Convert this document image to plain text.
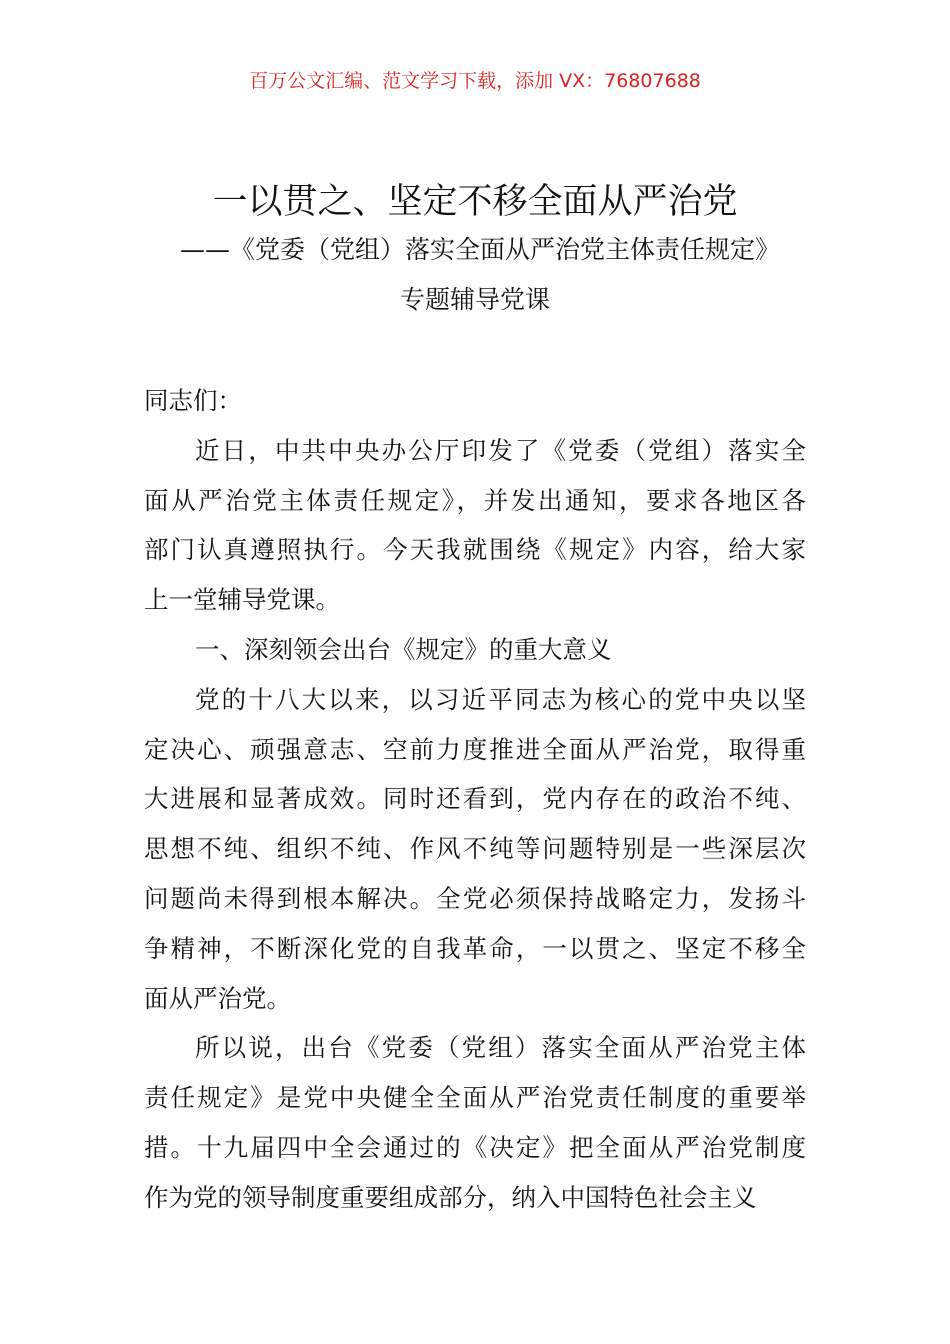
百万公文汇编、范文学习下载，添加 VX：76807688
一以贯之、坚定不移全面从严治党
——《党委（党组）落实全面从严治党主体责任规定》
专题辅导党课
同志们：
近日，中共中央办公厅印发了《党委（党组）落实全
面从严治党主体责任规定》，并发出通知，要求各地区各
部门认真遵照执行。今天我就围绕《规定》内容，给大家
上一堂辅导党课。
一、深刻领会出台《规定》的重大意义
党的十八大以来，以习近平同志为核心的党中央以坚
定决心、顽强意志、空前力度推进全面从严治党，取得重
大进展和显著成效。同时还看到，党内存在的政治不纯、
思想不纯、组织不纯、作风不纯等问题特别是一些深层次
问题尚未得到根本解决。全党必须保持战略定力，发扬斗
争精神，不断深化党的自我革命，一以贯之、坚定不移全
面从严治党。
所以说，出台《党委（党组）落实全面从严治党主体
责任规定》是党中央健全全面从严治党责任制度的重要举
措。十九届四中全会通过的《决定》把全面从严治党制度
作为党的领导制度重要组成部分，纳入中国特色社会主义
